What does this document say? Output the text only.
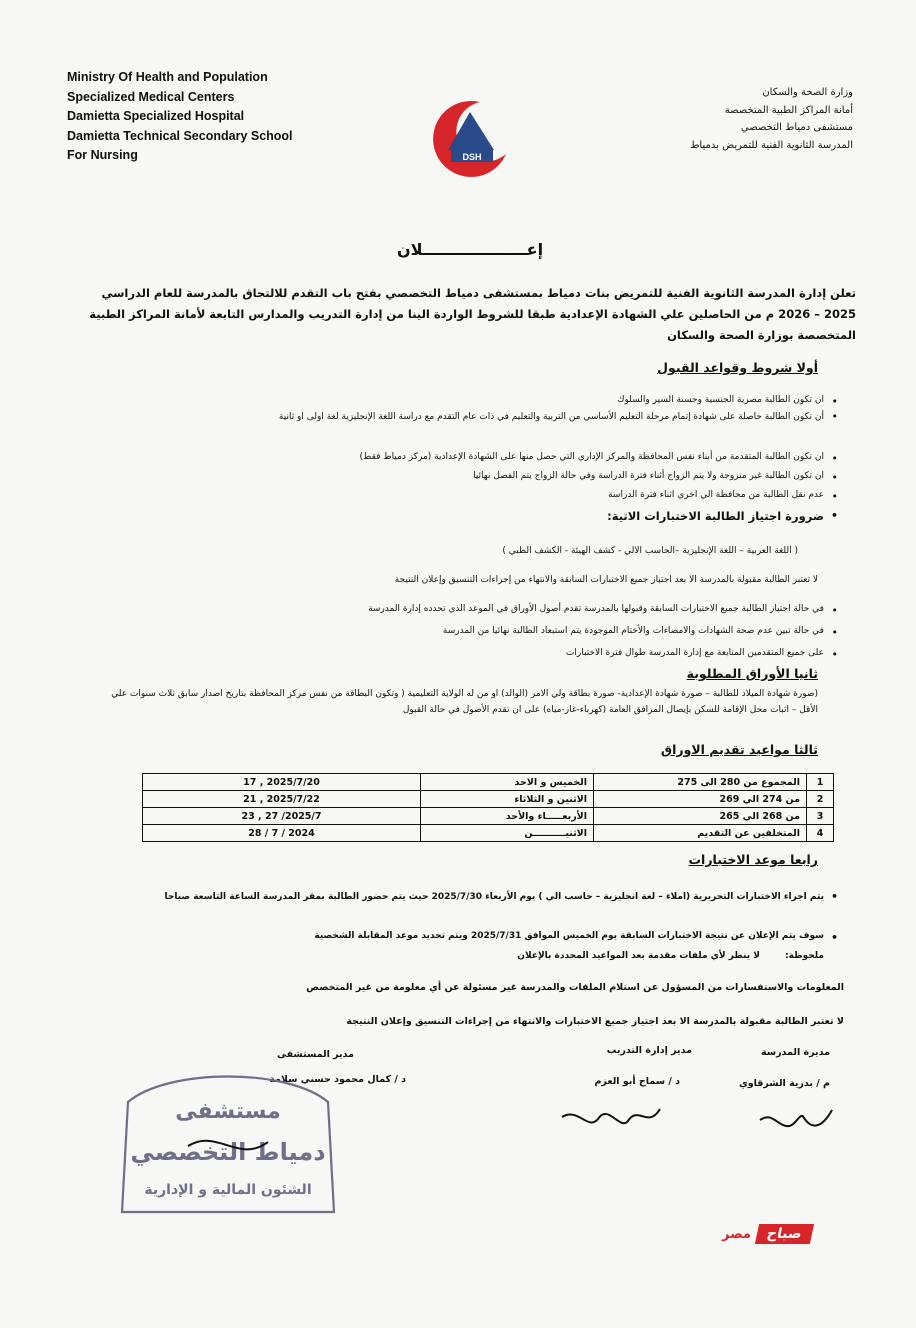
Ministry Of Health and Population
Specialized Medical Centers
Damietta Specialized Hospital
Damietta Technical Secondary School
For Nursing	DSH
وزارة الصحة والسكان
أمانة المراكز الطبية المتخصصة
مستشفى دمياط التخصصي
المدرسة الثانوية الفنية للتمريض بدمياط
إعـــــــــــــــــــلان
تعلن إدارة المدرسة الثانوية الفنية للتمريض بنات دمياط بمستشفى دمياط التخصصي بفتح باب التقدم للالتحاق بالمدرسة للعام الدراسي 2025 – 2026 م من الحاصلين علي الشهادة الإعدادية طبقا للشروط الواردة الينا من إدارة التدريب والمدارس التابعة لأمانة المراكز الطبية المتخصصة بوزارة الصحة والسكان
أولا شروط وقواعد القبول
• ان تكون الطالبة مصرية الجنسية وحسنة السير والسلوك
• أن تكون الطالبة حاصلة على شهادة إتمام مرحلة التعليم الأساسي من التربية والتعليم في ذات عام التقدم مع دراسة اللغة الإنجليزية لغة اولى او ثانية
• ان تكون الطالبة المتقدمة من أبناء نفس المحافظة والمركز الإداري التي حصل منها على الشهادة الإعدادية (مركز دمياط فقط)
• ان تكون الطالبة غير متزوجة ولا يتم الزواج أثناء فترة الدراسة وفي حالة الزواج يتم الفصل نهائيا
• عدم نقل الطالبة من محافظة الي اخري اثناء فترة الدراسة
• ضرورة اجتياز الطالبة الاختبارات الاتية:
( اللغة العربية – اللغة الإنجليزية –الحاسب الالي - كشف الهيئة - الكشف الطبي )
لا تعتبر الطالبة مقبولة بالمدرسة الا بعد اجتياز جميع الاختبارات السابقة والانتهاء من إجراءات التنسيق وإعلان النتيجة
• في حالة اجتياز الطالبة جميع الاختبارات السابقة وقبولها بالمدرسة تقدم أصول الأوراق في الموعد الذي تحدده إدارة المدرسة
• في حالة تبين عدم صحة الشهادات والامضاءات والأختام الموجودة يتم استبعاد الطالبة نهائيا من المدرسة
• على جميع المتقدمين المتابعة مع إدارة المدرسة طوال فترة الاختبارات
ثانيا الأوراق المطلوبة
(صورة شهادة الميلاد للطالبة – صورة شهادة الإعدادية- صورة بطاقة ولي الامر (الوالد) او من له الولاية التعليمية ( وتكون البطاقة من نفس مركز المحافظة بتاريخ اصدار سابق ثلاث سنوات علي الأقل – اثبات محل الإقامة للسكن بإيصال المرافق العامة (كهرباء-غاز-مياه) على ان تقدم الأصول في حالة القبول
ثالثا مواعيد تقديم الاوراق
1	المجموع من 280 الى 275	الخميس و الاحد	2025/7/20 , 17
2	من 274 الي 269	الاثنين و الثلاثاء	2025/7/22 , 21
3	من 268 الي 265	الأربعـــــاء والأحد	2025/7/ 27 , 23
4	المتخلفين عن التقديم	الاثنيــــــــــن	2024 / 7 / 28
رابعا موعد الاختبارات
• يتم اجراء الاختبارات التحريرية (املاء – لغة انجليزية – حاسب الي ) يوم الأربعاء 2025/7/30 حيث يتم حضور الطالبة بمقر المدرسة الساعة التاسعة صباحا
• سوف يتم الإعلان عن نتيجة الاختبارات السابقة يوم الخميس الموافق 2025/7/31 ويتم تحديد موعد المقابلة الشخصية
ملحوظة:
لا ينظر لأي ملفات مقدمة بعد المواعيد المحددة بالإعلان
المعلومات والاستفسارات من المسؤول عن استلام الملفات والمدرسة غير مسئولة عن أي معلومة من غير المتخصص
لا تعتبر الطالبة مقبولة بالمدرسة الا بعد اجتياز جميع الاختبارات والانتهاء من إجراءات التنسيق وإعلان النتيجة
مديرة المدرسة
م / بدرية الشرقاوي
مدير إدارة التدريب
د / سماح أبو العزم
مدير المستشفى
د / كمال محمود حسني سلامة
مستشفى
دمياط التخصصي
الشئون المالية و الإدارية
صباح
مصر
